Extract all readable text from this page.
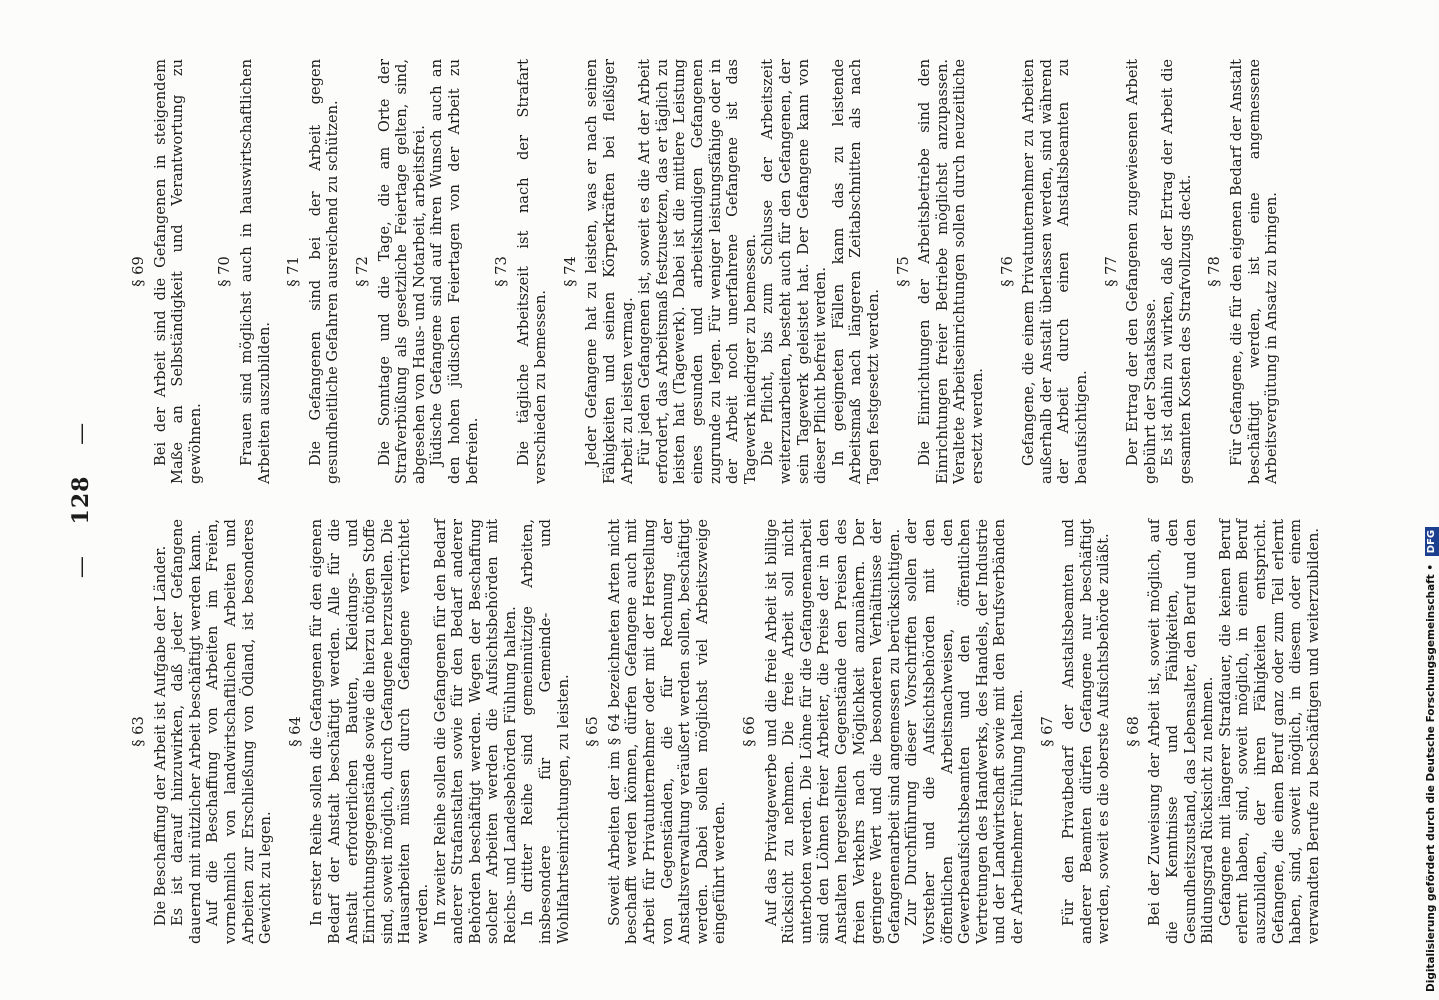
— 128 —
§ 63 Die Beschaffung der Arbeit ist Aufgabe der Länder. Es ist darauf hinzuwirken, daß jeder Gefangene dauernd mit nützlicher Arbeit beschäftigt werden kann. Auf die Beschaffung von Arbeiten im Freien, vornehmlich von landwirtschaftlichen Arbeiten und Arbeiten zur Erschließung von Ödland, ist besonderes Gewicht zu legen.

§ 64 In erster Reihe sollen die Gefangenen für den eigenen Bedarf der Anstalt beschäftigt werden. Alle für die Anstalt erforderlichen Bauten, Kleidungs- und Einrichtungsgegenstände sowie die hierzu nötigen Stoffe sind, soweit möglich, durch Gefangene herzustellen. Die Hausarbeiten müssen durch Gefangene verrichtet werden. In zweiter Reihe sollen die Gefangenen für den Bedarf anderer Strafanstalten sowie für den Bedarf anderer Behörden beschäftigt werden. Wegen der Beschaffung solcher Arbeiten werden die Aufsichtsbehörden mit Reichs- und Landesbehörden Fühlung halten. In dritter Reihe sind gemeinnützige Arbeiten, insbesondere für Gemeinde- und Wohlfahrtseinrichtungen, zu leisten. § 65 Soweit Arbeiten der im § 64 bezeichneten Arten nicht beschafft werden können, dürfen Gefangene auch mit Arbeit für Privatunternehmer oder mit der Herstellung von Gegenständen, die für Rechnung der Anstaltsverwaltung veräußert werden sollen, beschäftigt werden. Dabei sollen möglichst viel Arbeitszweige eingeführt werden.

§ 66 Auf das Privatgewerbe und die freie Arbeit ist billige Rücksicht zu nehmen. Die freie Arbeit soll nicht unterboten werden. Die Löhne für die Gefangenenarbeit sind den Löhnen freier Arbeiter, die Preise der in den Anstalten hergestellten Gegenstände den Preisen des freien Verkehrs nach Möglichkeit anzunähern. Der geringere Wert und die besonderen Verhältnisse der Gefangenenarbeit sind angemessen zu berücksichtigen. Zur Durchführung dieser Vorschriften sollen der Vorsteher und die Aufsichtsbehörden mit den öffentlichen Arbeitsnachweisen, den Gewerbeaufsichtsbeamten und den öffentlichen Vertretungen des Handwerks, des Handels, der Industrie und der Landwirtschaft sowie mit den Berufsverbänden der Arbeitnehmer Fühlung halten. § 67 Für den Privatbedarf der Anstaltsbeamten und anderer Beamten dürfen Gefangene nur beschäftigt werden, soweit es die oberste Aufsichtsbehörde zuläßt. § 68 Bei der Zuweisung der Arbeit ist, soweit möglich, auf die Kenntnisse und Fähigkeiten, den Gesundheitszustand, das Lebensalter, den Beruf und den Bildungsgrad Rücksicht zu nehmen. Gefangene mit längerer Strafdauer, die keinen Beruf erlernt haben, sind, soweit möglich, in einem Beruf auszubilden, der ihren Fähigkeiten entspricht. Gefangene, die einen Beruf ganz oder zum Teil erlernt haben, sind, soweit möglich, in diesem oder einem verwandten Berufe zu beschäftigen und weiterzubilden.

§ 69 Bei der Arbeit sind die Gefangenen in steigendem Maße an Selbständigkeit und Verantwortung zu gewöhnen.

§ 70 Frauen sind möglichst auch in hauswirtschaftlichen Arbeiten auszubilden.

§ 71 Die Gefangenen sind bei der Arbeit gegen gesundheitliche Gefahren ausreichend zu schützen. § 72 Die Sonntage und die Tage, die am Orte der Strafverbüßung als gesetzliche Feiertage gelten, sind, abgesehen von Haus- und Notarbeit, arbeitsfrei. Jüdische Gefangene sind auf ihren Wunsch auch an den hohen jüdischen Feiertagen von der Arbeit zu befreien.

§ 73 Die tägliche Arbeitszeit ist nach der Strafart verschieden zu bemessen.

§ 74 Jeder Gefangene hat zu leisten, was er nach seinen Fähigkeiten und seinen Körperkräften bei fleißiger Arbeit zu leisten vermag. Für jeden Gefangenen ist, soweit es die Art der Arbeit erfordert, das Arbeitsmaß festzusetzen, das er täglich zu leisten hat (Tagewerk). Dabei ist die mittlere Leistung eines gesunden und arbeitskundigen Gefangenen zugrunde zu legen. Für weniger leistungsfähige oder in der Arbeit noch unerfahrene Gefangene ist das Tagewerk niedriger zu bemessen. Die Pflicht, bis zum Schlusse der Arbeitszeit weiterzuarbeiten, besteht auch für den Gefangenen, der sein Tagewerk geleistet hat. Der Gefangene kann von dieser Pflicht befreit werden. In geeigneten Fällen kann das zu leistende Arbeitsmaß nach längeren Zeitabschnitten als nach Tagen festgesetzt werden.

§ 75 Die Einrichtungen der Arbeitsbetriebe sind den Einrichtungen freier Betriebe möglichst anzupassen. Veraltete Arbeitseinrichtungen sollen durch neuzeitliche ersetzt werden.

§ 76 Gefangene, die einem Privatunternehmer zu Arbeiten außerhalb der Anstalt überlassen werden, sind während der Arbeit durch einen Anstaltsbeamten zu beaufsichtigen.

§ 77 Der Ertrag der den Gefangenen zugewiesenen Arbeit gebührt der Staatskasse. Es ist dahin zu wirken, daß der Ertrag der Arbeit die gesamten Kosten des Strafvollzugs deckt. § 78 Für Gefangene, die für den eigenen Bedarf der Anstalt beschäftigt werden, ist eine angemessene Arbeitsvergütung in Ansatz zu bringen.

Digitalisierung gefördert durch die Deutsche Forschungsgemeinschaft • DFG
